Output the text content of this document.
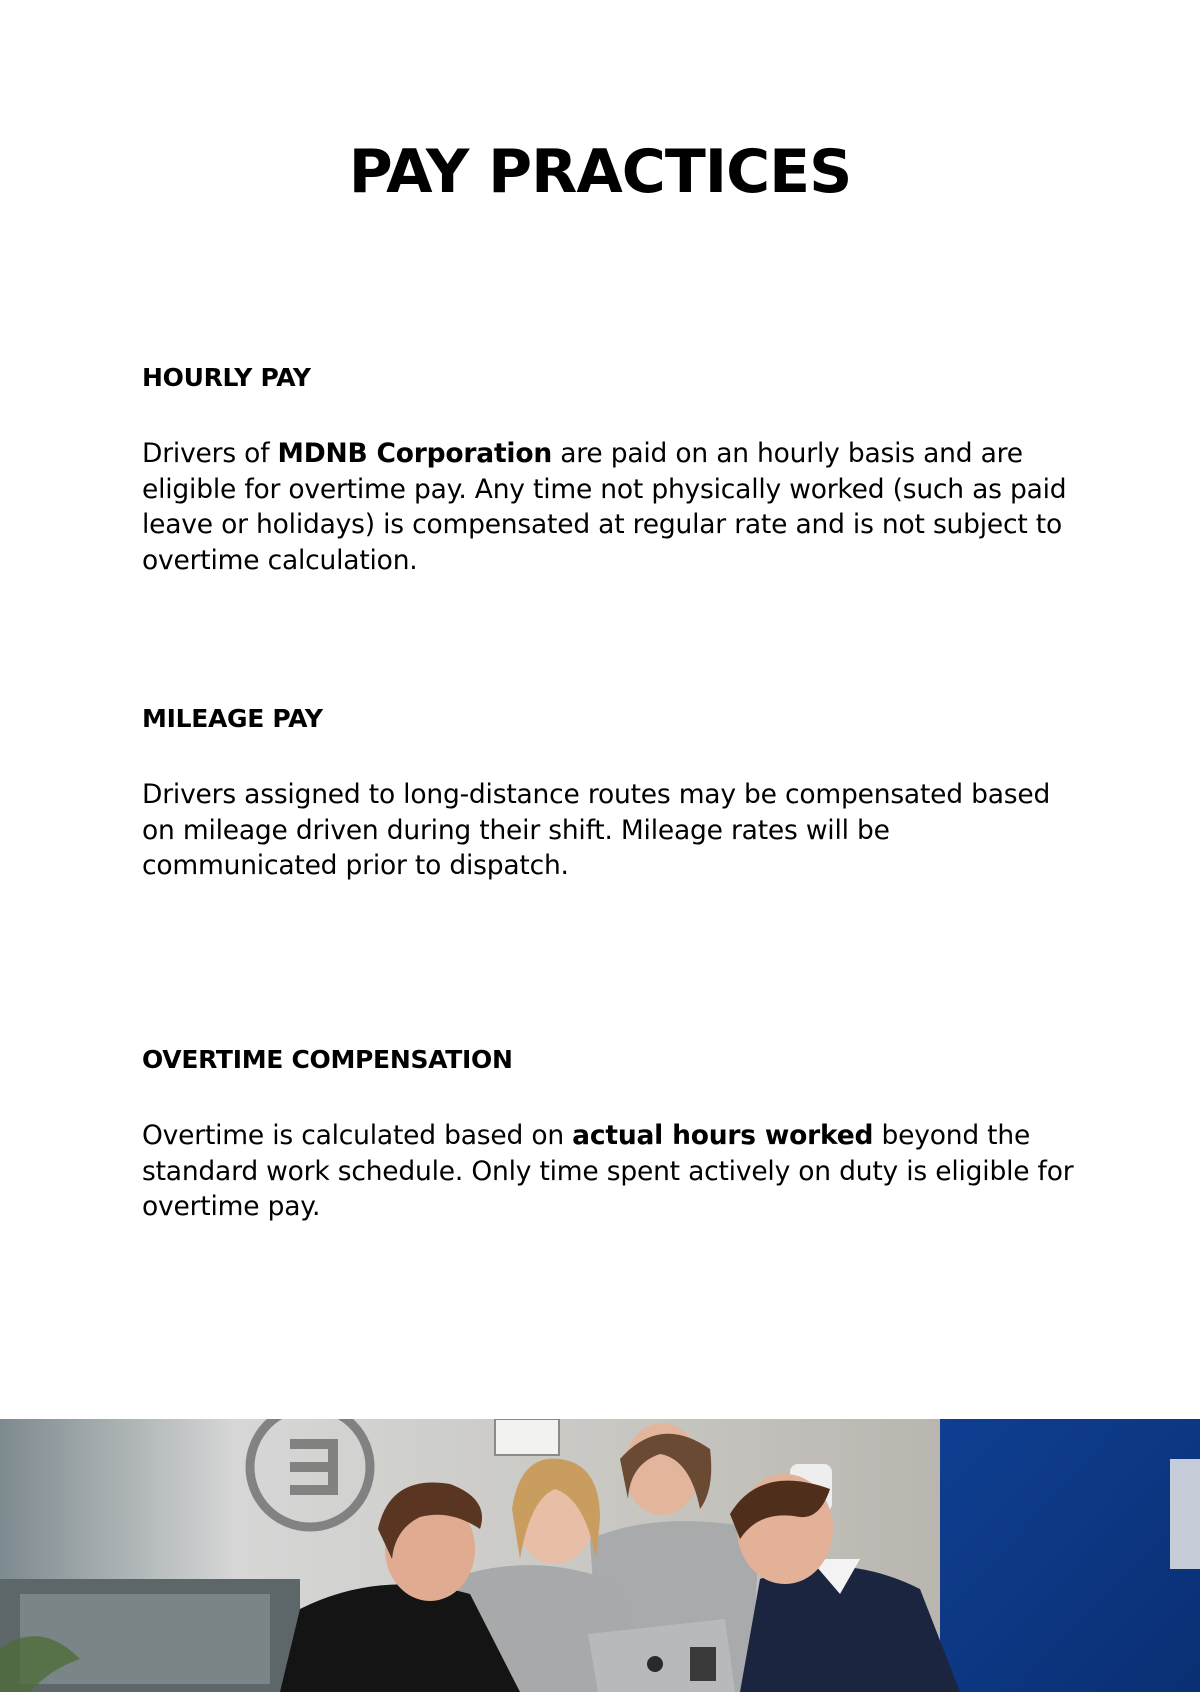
PAY PRACTICES
HOURLY PAY

Drivers of MDNB Corporation are paid on an hourly basis and are eligible for overtime pay. Any time not physically worked (such as paid leave or holidays) is compensated at regular rate and is not subject to overtime calculation.

MILEAGE PAY

Drivers assigned to long-distance routes may be compensated based on mileage driven during their shift. Mileage rates will be communicated prior to dispatch.

OVERTIME COMPENSATION

Overtime is calculated based on actual hours worked beyond the standard work schedule. Only time spent actively on duty is eligible for overtime pay.
